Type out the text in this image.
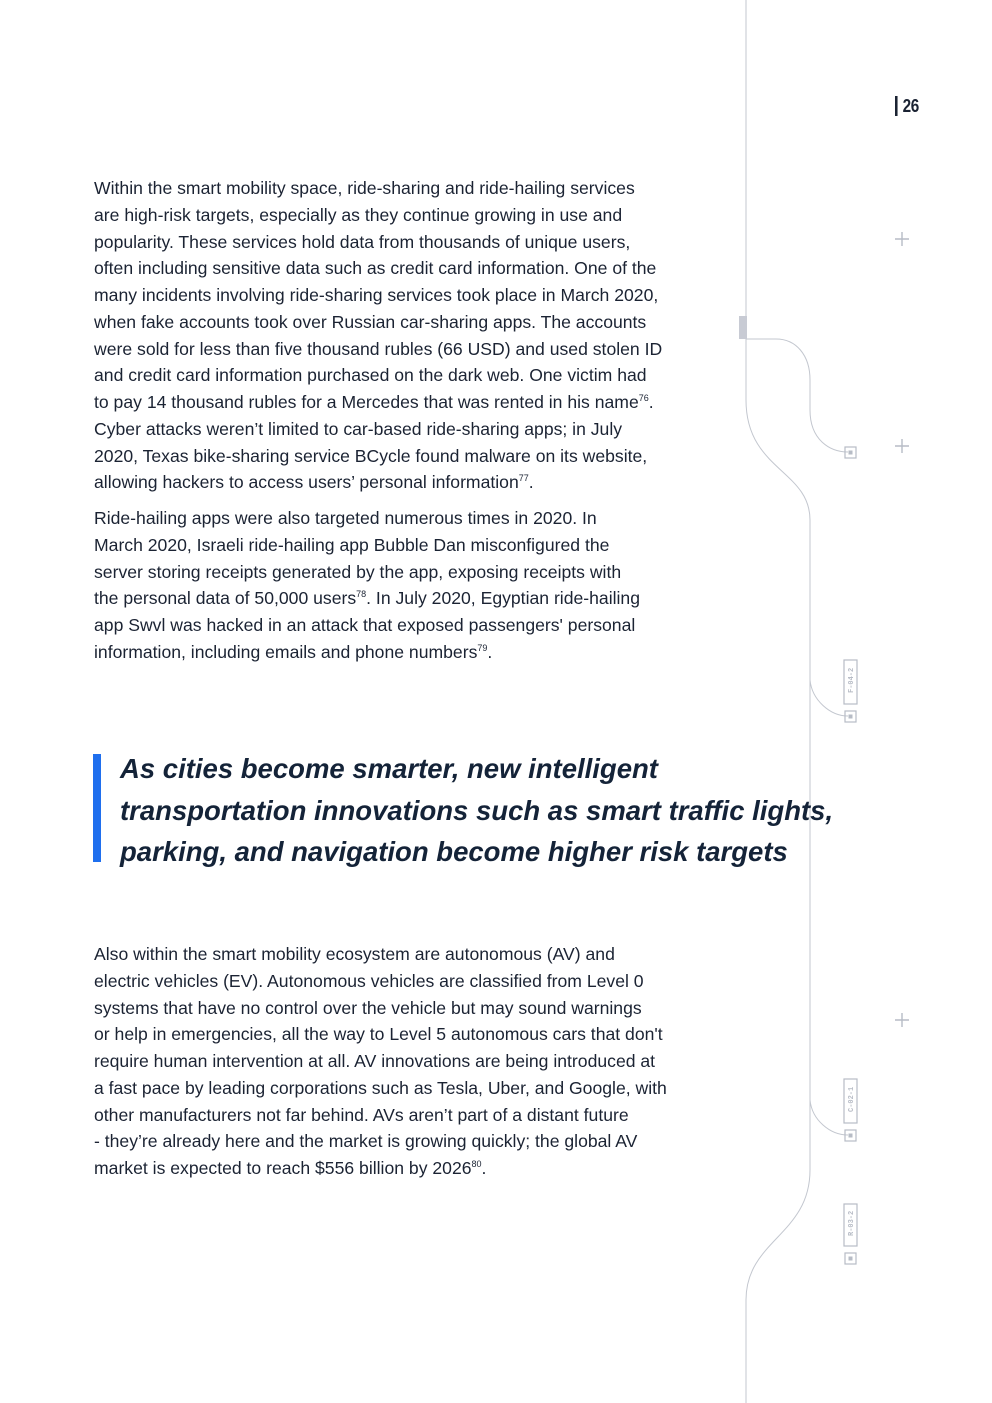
F-04-2
C-02-1
R-03-2
26

Within the smart mobility space, ride-sharing and ride-hailing services
are high-risk targets, especially as they continue growing in use and
popularity. These services hold data from thousands of unique users,
often including sensitive data such as credit card information. One of the
many incidents involving ride-sharing services took place in March 2020,
when fake accounts took over Russian car-sharing apps. The accounts
were sold for less than five thousand rubles (66 USD) and used stolen ID
and credit card information purchased on the dark web. One victim had
to pay 14 thousand rubles for a Mercedes that was rented in his name$^{76}$.
Cyber attacks weren’t limited to car-based ride-sharing apps; in July
2020, Texas bike-sharing service BCycle found malware on its website,
allowing hackers to access users’ personal information$^{77}$.

Ride-hailing apps were also targeted numerous times in 2020. In
March 2020, Israeli ride-hailing app Bubble Dan misconfigured the
server storing receipts generated by the app, exposing receipts with
the personal data of 50,000 users$^{78}$. In July 2020, Egyptian ride-hailing
app Swvl was hacked in an attack that exposed passengers' personal
information, including emails and phone numbers$^{79}$.

As cities become smarter, new intelligent
transportation innovations such as smart traffic lights,
parking, and navigation become higher risk targets

Also within the smart mobility ecosystem are autonomous (AV) and
electric vehicles (EV). Autonomous vehicles are classified from Level 0
systems that have no control over the vehicle but may sound warnings
or help in emergencies, all the way to Level 5 autonomous cars that don't
require human intervention at all. AV innovations are being introduced at
a fast pace by leading corporations such as Tesla, Uber, and Google, with
other manufacturers not far behind. AVs aren’t part of a distant future
- they’re already here and the market is growing quickly; the global AV
market is expected to reach $556 billion by 2026$^{80}$.
